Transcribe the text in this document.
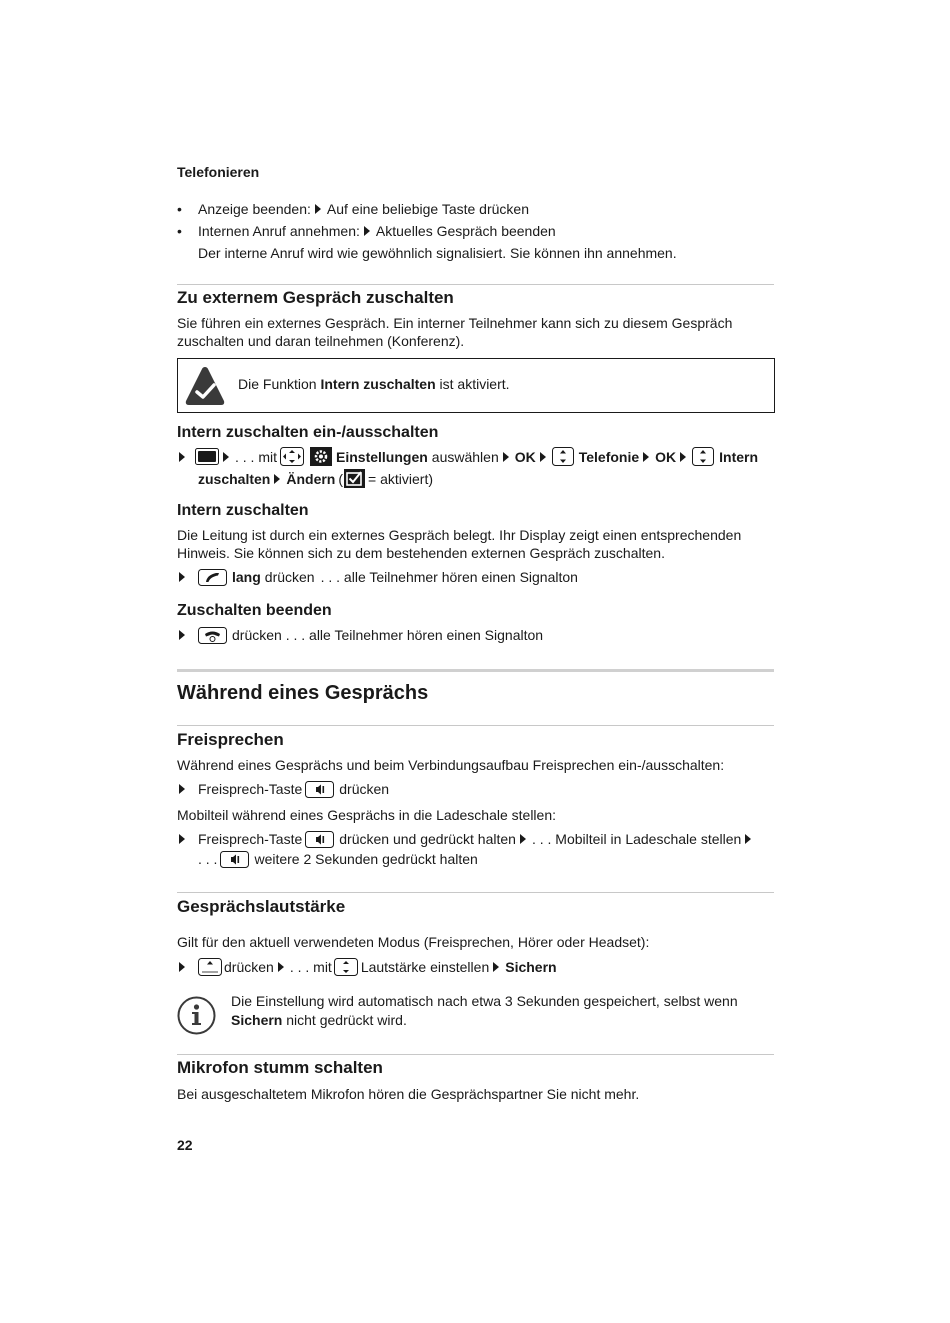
Telefonieren
• Anzeige beenden: Auf eine beliebige Taste drücken
• Internen Anruf annehmen: Aktuelles Gespräch beenden
Der interne Anruf wird wie gewöhnlich signalisiert. Sie können ihn annehmen.
Zu externem Gespräch zuschalten
Sie führen ein externes Gespräch. Ein interner Teilnehmer kann sich zu diesem Gespräch
zuschalten und daran teilnehmen (Konferenz).
Die Funktion Intern zuschalten ist aktiviert.
Intern zuschalten ein-/ausschalten
. . . mit	Einstellungen auswählen OK	Telefonie OK	Intern
zuschalten Ändern ( = aktiviert)
Intern zuschalten
Die Leitung ist durch ein externes Gespräch belegt. Ihr Display zeigt einen entsprechenden
Hinweis. Sie können sich zu dem bestehenden externen Gespräch zuschalten.
lang drücken . . . alle Teilnehmer hören einen Signalton
Zuschalten beenden
drücken . . . alle Teilnehmer hören einen Signalton
Während eines Gesprächs
Freisprechen
Während eines Gesprächs und beim Verbindungsaufbau Freisprechen ein-/ausschalten:
Freisprech-Taste	drücken
Mobilteil während eines Gesprächs in die Ladeschale stellen:
Freisprech-Taste	drücken und gedrückt halten . . . Mobilteil in Ladeschale stellen
. . .	weitere 2 Sekunden gedrückt halten
Gesprächslautstärke
Gilt für den aktuell verwendeten Modus (Freisprechen, Hörer oder Headset):
drücken . . . mit Lautstärke einstellen Sichern
Die Einstellung wird automatisch nach etwa 3 Sekunden gespeichert, selbst wenn
Sichern nicht gedrückt wird.
Mikrofon stumm schalten
Bei ausgeschaltetem Mikrofon hören die Gesprächspartner Sie nicht mehr.
22
